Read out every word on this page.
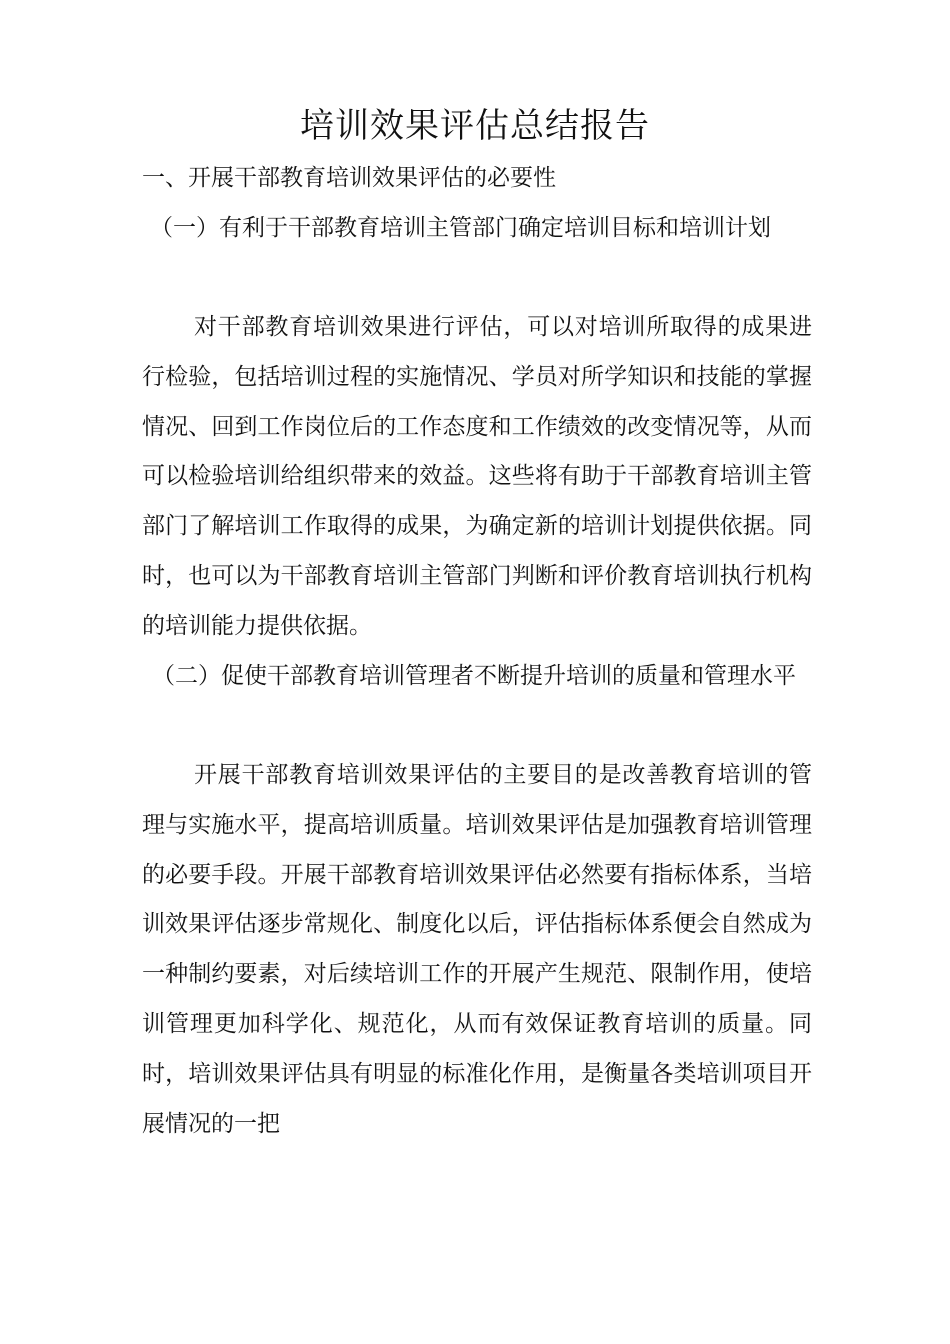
培训效果评估总结报告

一、开展干部教育培训效果评估的必要性

（一）有利于干部教育培训主管部门确定培训目标和培训计划

对干部教育培训效果进行评估，可以对培训所取得的成果进行检验，包括培训过程的实施情况、学员对所学知识和技能的掌握情况、回到工作岗位后的工作态度和工作绩效的改变情况等，从而可以检验培训给组织带来的效益。这些将有助于干部教育培训主管部门了解培训工作取得的成果，为确定新的培训计划提供依据。同时，也可以为干部教育培训主管部门判断和评价教育培训执行机构的培训能力提供依据。

（二）促使干部教育培训管理者不断提升培训的质量和管理水平

开展干部教育培训效果评估的主要目的是改善教育培训的管理与实施水平，提高培训质量。培训效果评估是加强教育培训管理的必要手段。开展干部教育培训效果评估必然要有指标体系，当培训效果评估逐步常规化、制度化以后，评估指标体系便会自然成为一种制约要素，对后续培训工作的开展产生规范、限制作用，使培训管理更加科学化、规范化，从而有效保证教育培训的质量。同时，培训效果评估具有明显的标准化作用，是衡量各类培训项目开展情况的一把
